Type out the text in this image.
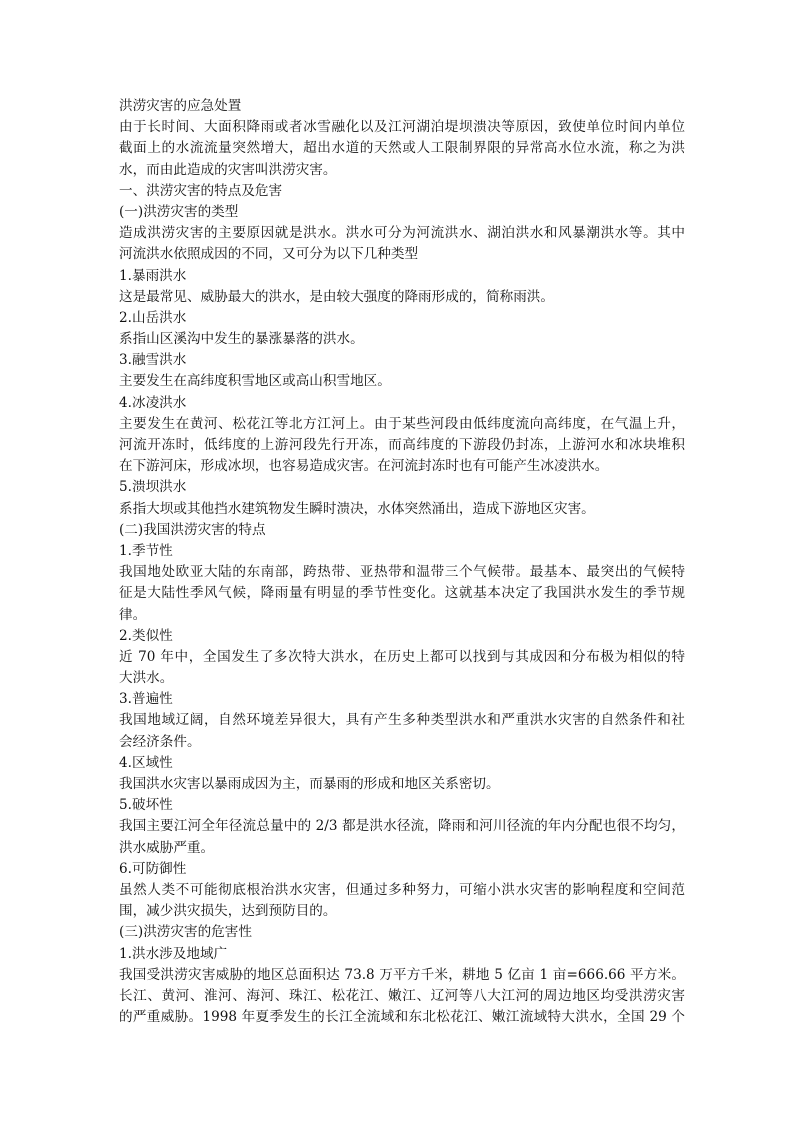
洪涝灾害的应急处置
由于长时间、大面积降雨或者冰雪融化以及江河湖泊堤坝溃决等原因，致使单位时间内单位
截面上的水流流量突然增大，超出水道的天然或人工限制界限的异常高水位水流，称之为洪
水，而由此造成的灾害叫洪涝灾害。
一、洪涝灾害的特点及危害
(一)洪涝灾害的类型
造成洪涝灾害的主要原因就是洪水。洪水可分为河流洪水、湖泊洪水和风暴潮洪水等。其中
河流洪水依照成因的不同，又可分为以下几种类型
1.暴雨洪水
这是最常见、威胁最大的洪水，是由较大强度的降雨形成的，简称雨洪。
2.山岳洪水
系指山区溪沟中发生的暴涨暴落的洪水。
3.融雪洪水
主要发生在高纬度积雪地区或高山积雪地区。
4.冰凌洪水
主要发生在黄河、松花江等北方江河上。由于某些河段由低纬度流向高纬度，在气温上升，
河流开冻时，低纬度的上游河段先行开冻，而高纬度的下游段仍封冻，上游河水和冰块堆积
在下游河床，形成冰坝，也容易造成灾害。在河流封冻时也有可能产生冰凌洪水。
5.溃坝洪水
系指大坝或其他挡水建筑物发生瞬时溃决，水体突然涌出，造成下游地区灾害。
(二)我国洪涝灾害的特点
1.季节性
我国地处欧亚大陆的东南部，跨热带、亚热带和温带三个气候带。最基本、最突出的气候特
征是大陆性季风气候，降雨量有明显的季节性变化。这就基本决定了我国洪水发生的季节规
律。
2.类似性
近 70 年中，全国发生了多次特大洪水，在历史上都可以找到与其成因和分布极为相似的特
大洪水。
3.普遍性
我国地域辽阔，自然环境差异很大，具有产生多种类型洪水和严重洪水灾害的自然条件和社
会经济条件。
4.区域性
我国洪水灾害以暴雨成因为主，而暴雨的形成和地区关系密切。
5.破坏性
我国主要江河全年径流总量中的 2/3 都是洪水径流，降雨和河川径流的年内分配也很不均匀，
洪水威胁严重。
6.可防御性
虽然人类不可能彻底根治洪水灾害，但通过多种努力，可缩小洪水灾害的影响程度和空间范
围，减少洪灾损失，达到预防目的。
(三)洪涝灾害的危害性
1.洪水涉及地域广
我国受洪涝灾害威胁的地区总面积达 73.8 万平方千米，耕地 5 亿亩 1 亩=666.66 平方米。
长江、黄河、淮河、海河、珠江、松花江、嫩江、辽河等八大江河的周边地区均受洪涝灾害
的严重威胁。1998 年夏季发生的长江全流域和东北松花江、嫩江流域特大洪水，全国 29 个
